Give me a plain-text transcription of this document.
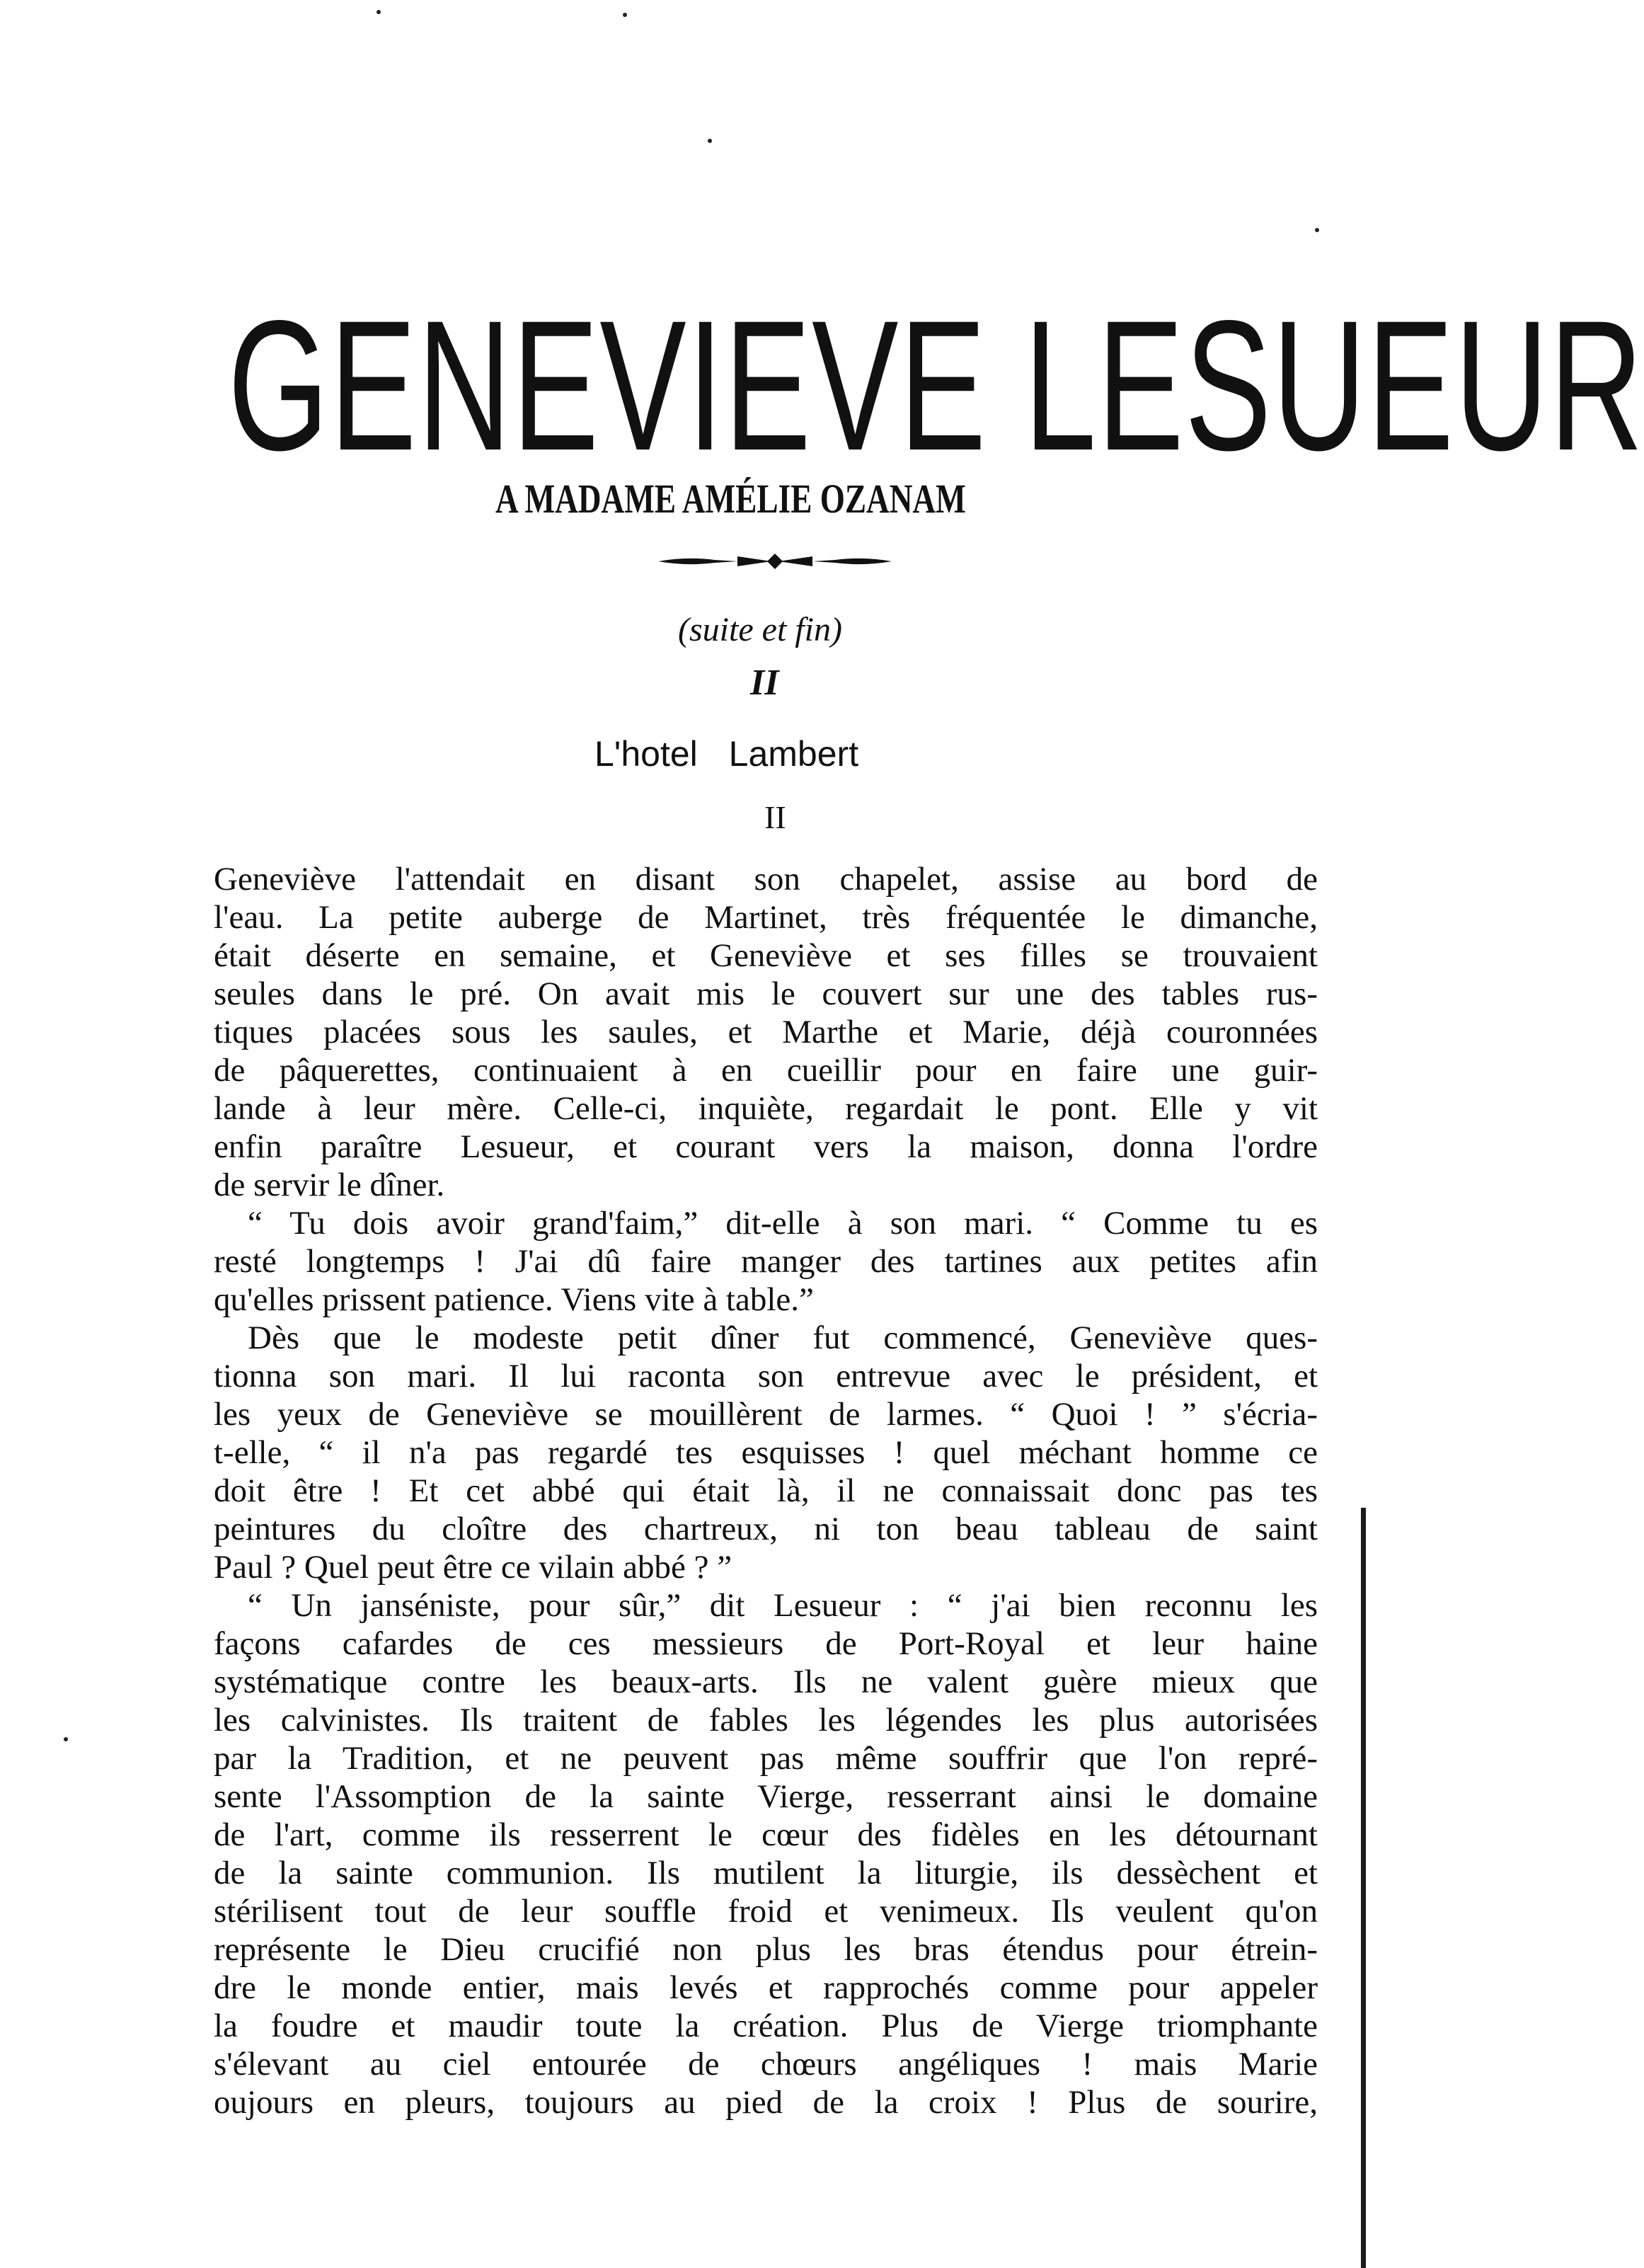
GENEVIEVE LESUEUR
A MADAME AMÉLIE OZANAM
(suite et fin)
II
L'hotel Lambert
II
Geneviève l'attendait en disant son chapelet, assise au bord de
l'eau. La petite auberge de Martinet, très fréquentée le dimanche,
était déserte en semaine, et Geneviève et ses filles se trouvaient
seules dans le pré. On avait mis le couvert sur une des tables rus-
tiques placées sous les saules, et Marthe et Marie, déjà couronnées
de pâquerettes, continuaient à en cueillir pour en faire une guir-
lande à leur mère. Celle-ci, inquiète, regardait le pont. Elle y vit
enfin paraître Lesueur, et courant vers la maison, donna l'ordre
de servir le dîner.
“ Tu dois avoir grand'faim,” dit-elle à son mari. “ Comme tu es
resté longtemps ! J'ai dû faire manger des tartines aux petites afin
qu'elles prissent patience. Viens vite à table.”
Dès que le modeste petit dîner fut commencé, Geneviève ques-
tionna son mari. Il lui raconta son entrevue avec le président, et
les yeux de Geneviève se mouillèrent de larmes. “ Quoi ! ” s'écria-
t-elle, “ il n'a pas regardé tes esquisses ! quel méchant homme ce
doit être ! Et cet abbé qui était là, il ne connaissait donc pas tes
peintures du cloître des chartreux, ni ton beau tableau de saint
Paul ? Quel peut être ce vilain abbé ? ”
“ Un janséniste, pour sûr,” dit Lesueur : “ j'ai bien reconnu les
façons cafardes de ces messieurs de Port-Royal et leur haine
systématique contre les beaux-arts. Ils ne valent guère mieux que
les calvinistes. Ils traitent de fables les légendes les plus autorisées
par la Tradition, et ne peuvent pas même souffrir que l'on repré-
sente l'Assomption de la sainte Vierge, resserrant ainsi le domaine
de l'art, comme ils resserrent le cœur des fidèles en les détournant
de la sainte communion. Ils mutilent la liturgie, ils dessèchent et
stérilisent tout de leur souffle froid et venimeux. Ils veulent qu'on
représente le Dieu crucifié non plus les bras étendus pour étrein-
dre le monde entier, mais levés et rapprochés comme pour appeler
la foudre et maudir toute la création. Plus de Vierge triomphante
s'élevant au ciel entourée de chœurs angéliques ! mais Marie
oujours en pleurs, toujours au pied de la croix ! Plus de sourire,
